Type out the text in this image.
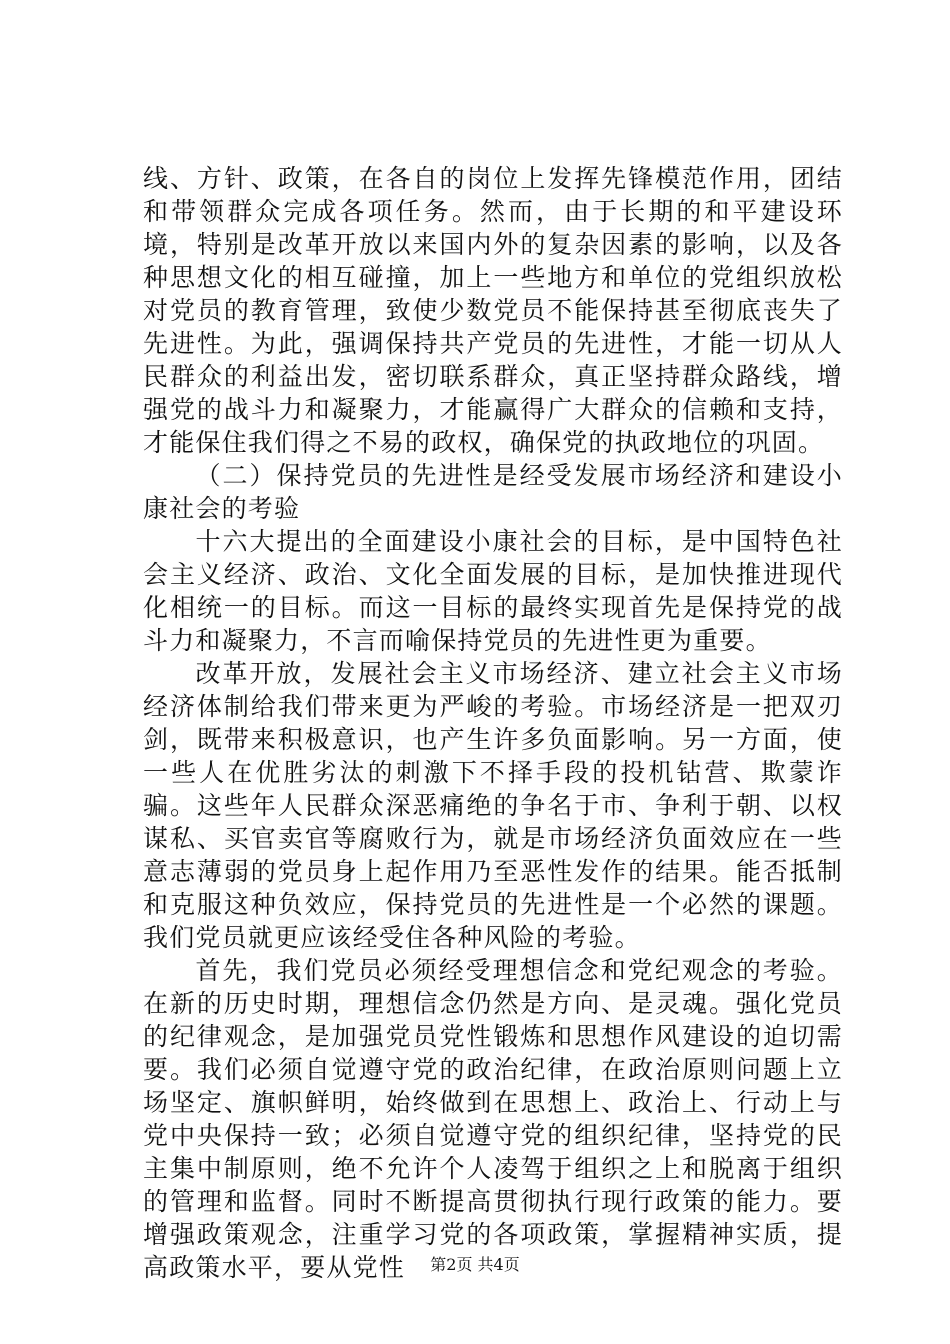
线、方针、政策，在各自的岗位上发挥先锋模范作用，团结和带领群众完成各项任务。然而，由于长期的和平建设环境，特别是改革开放以来国内外的复杂因素的影响，以及各种思想文化的相互碰撞，加上一些地方和单位的党组织放松对党员的教育管理，致使少数党员不能保持甚至彻底丧失了先进性。为此，强调保持共产党员的先进性，才能一切从人民群众的利益出发，密切联系群众，真正坚持群众路线，增强党的战斗力和凝聚力，才能赢得广大群众的信赖和支持，才能保住我们得之不易的政权，确保党的执政地位的巩固。

（二）保持党员的先进性是经受发展市场经济和建设小康社会的考验

十六大提出的全面建设小康社会的目标，是中国特色社会主义经济、政治、文化全面发展的目标，是加快推进现代化相统一的目标。而这一目标的最终实现首先是保持党的战斗力和凝聚力，不言而喻保持党员的先进性更为重要。

改革开放，发展社会主义市场经济、建立社会主义市场经济体制给我们带来更为严峻的考验。市场经济是一把双刃剑，既带来积极意识，也产生许多负面影响。另一方面，使一些人在优胜劣汰的刺激下不择手段的投机钻营、欺蒙诈骗。这些年人民群众深恶痛绝的争名于市、争利于朝、以权谋私、买官卖官等腐败行为，就是市场经济负面效应在一些意志薄弱的党员身上起作用乃至恶性发作的结果。能否抵制和克服这种负效应，保持党员的先进性是一个必然的课题。我们党员就更应该经受住各种风险的考验。

首先，我们党员必须经受理想信念和党纪观念的考验。在新的历史时期，理想信念仍然是方向、是灵魂。强化党员的纪律观念，是加强党员党性锻炼和思想作风建设的迫切需要。我们必须自觉遵守党的政治纪律，在政治原则问题上立场坚定、旗帜鲜明，始终做到在思想上、政治上、行动上与党中央保持一致；必须自觉遵守党的组织纪律，坚持党的民主集中制原则，绝不允许个人凌驾于组织之上和脱离于组织的管理和监督。同时不断提高贯彻执行现行政策的能力。要增强政策观念，注重学习党的各项政策，掌握精神实质，提高政策水平，要从党性	第2页 共4页
